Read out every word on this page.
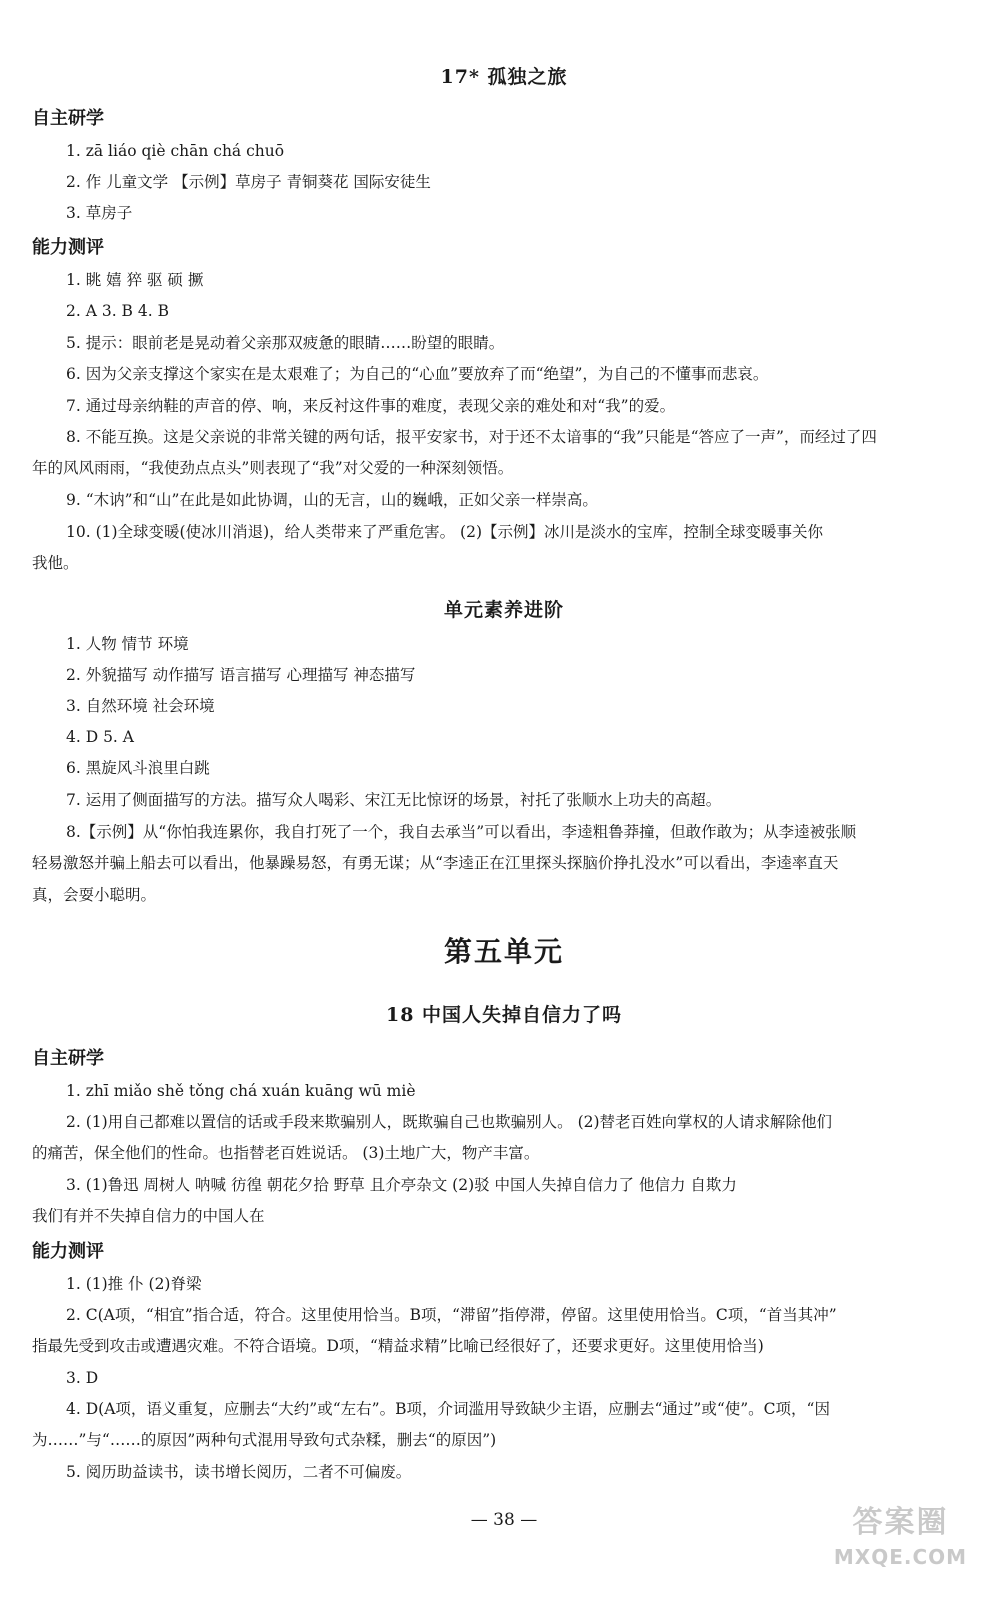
17* 孤独之旅
自主研学

1. zā liáo qiè chān chá chuō

2. 作 儿童文学 【示例】草房子 青铜葵花 国际安徒生

3. 草房子

能力测评

1. 眺 嬉 猝 驱 硕 撅

2. A 3. B 4. B

5. 提示：眼前老是晃动着父亲那双疲惫的眼睛……盼望的眼睛。

6. 因为父亲支撑这个家实在是太艰难了；为自己的“心血”要放弃了而“绝望”，为自己的不懂事而悲哀。

7. 通过母亲纳鞋的声音的停、响，来反衬这件事的难度，表现父亲的难处和对“我”的爱。

8. 不能互换。这是父亲说的非常关键的两句话，报平安家书，对于还不太谙事的“我”只能是“答应了一声”，而经过了四

年的风风雨雨，“我使劲点点头”则表现了“我”对父爱的一种深刻领悟。

9. “木讷”和“山”在此是如此协调，山的无言，山的巍峨，正如父亲一样崇高。

10. (1)全球变暖(使冰川消退)，给人类带来了严重危害。 (2)【示例】冰川是淡水的宝库，控制全球变暖事关你

我他。

单元素养进阶

1. 人物 情节 环境

2. 外貌描写 动作描写 语言描写 心理描写 神态描写

3. 自然环境 社会环境

4. D 5. A

6. 黑旋风斗浪里白跳

7. 运用了侧面描写的方法。描写众人喝彩、宋江无比惊讶的场景，衬托了张顺水上功夫的高超。

8.【示例】从“你怕我连累你，我自打死了一个，我自去承当”可以看出，李逵粗鲁莽撞，但敢作敢为；从李逵被张顺

轻易激怒并骗上船去可以看出，他暴躁易怒，有勇无谋；从“李逵正在江里探头探脑价挣扎没水”可以看出，李逵率直天

真，会耍小聪明。

第五单元
18 中国人失掉自信力了吗
自主研学

1. zhī miǎo shě tǒng chá xuán kuāng wū miè

2. (1)用自己都难以置信的话或手段来欺骗别人，既欺骗自己也欺骗别人。 (2)替老百姓向掌权的人请求解除他们

的痛苦，保全他们的性命。也指替老百姓说话。 (3)土地广大，物产丰富。

3. (1)鲁迅 周树人 呐喊 彷徨 朝花夕拾 野草 且介亭杂文 (2)驳 中国人失掉自信力了 他信力 自欺力

我们有并不失掉自信力的中国人在

能力测评

1. (1)推 仆 (2)脊梁

2. C(A项，“相宜”指合适，符合。这里使用恰当。B项，“滞留”指停滞，停留。这里使用恰当。C项，“首当其冲”

指最先受到攻击或遭遇灾难。不符合语境。D项，“精益求精”比喻已经很好了，还要求更好。这里使用恰当)

3. D

4. D(A项，语义重复，应删去“大约”或“左右”。B项，介词滥用导致缺少主语，应删去“通过”或“使”。C项，“因

为……”与“……的原因”两种句式混用导致句式杂糅，删去“的原因”)

5. 阅历助益读书，读书增长阅历，二者不可偏废。

— 38 —	答案圈
MXQE.COM
